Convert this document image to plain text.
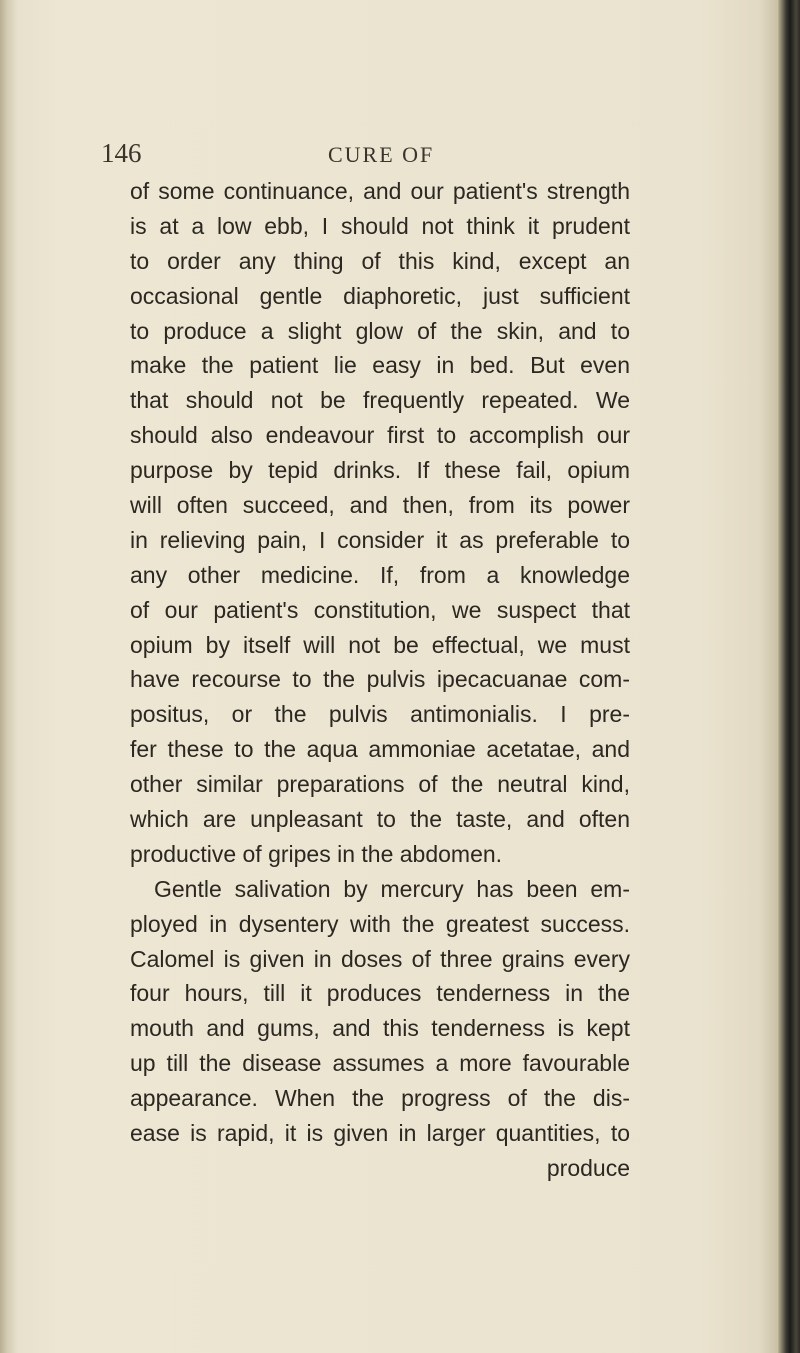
146	CURE OF
of some continuance, and our patient's strength
is at a low ebb, I should not think it prudent
to order any thing of this kind, except an
occasional gentle diaphoretic, just sufficient
to produce a slight glow of the skin, and to
make the patient lie easy in bed. But even
that should not be frequently repeated. We
should also endeavour first to accomplish our
purpose by tepid drinks. If these fail, opium
will often succeed, and then, from its power
in relieving pain, I consider it as preferable to
any other medicine. If, from a knowledge
of our patient's constitution, we suspect that
opium by itself will not be effectual, we must
have recourse to the pulvis ipecacuanae com-
positus, or the pulvis antimonialis. I pre-
fer these to the aqua ammoniae acetatae, and
other similar preparations of the neutral kind,
which are unpleasant to the taste, and often
productive of gripes in the abdomen.
Gentle salivation by mercury has been em-
ployed in dysentery with the greatest success.
Calomel is given in doses of three grains every
four hours, till it produces tenderness in the
mouth and gums, and this tenderness is kept
up till the disease assumes a more favourable
appearance. When the progress of the dis-
ease is rapid, it is given in larger quantities, to
produce
